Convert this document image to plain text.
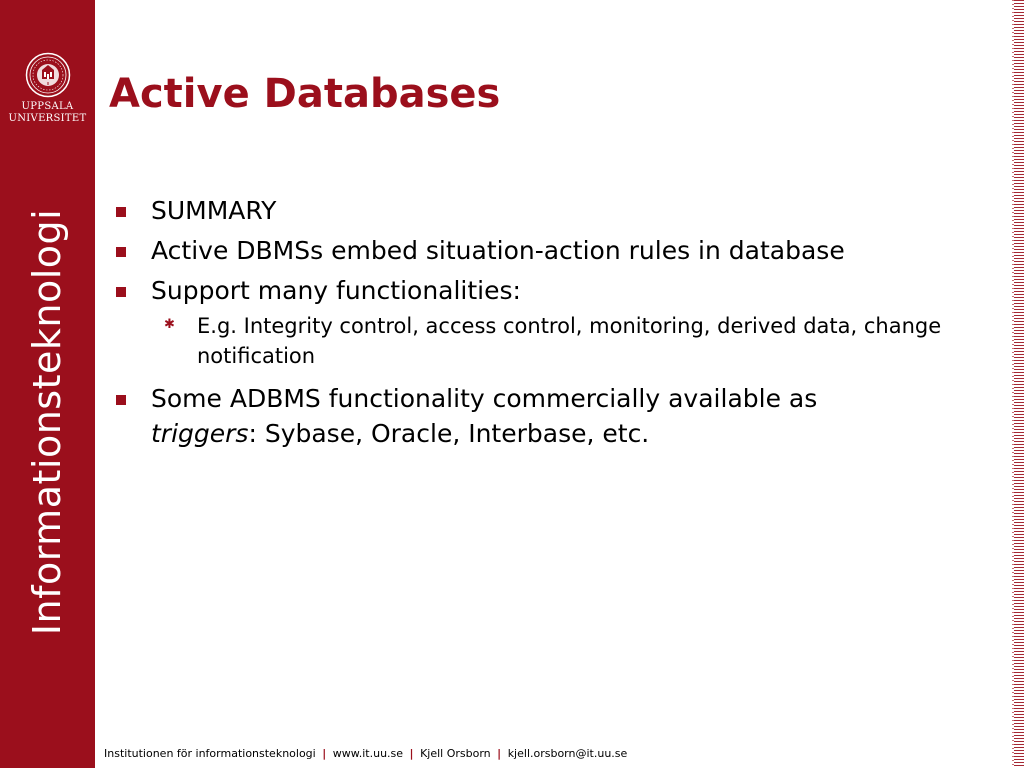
UPPSALA
UNIVERSITET
Informationsteknologi
Active Databases
SUMMARY
Active DBMSs embed situation-action rules in database
Support many functionalities:
✱	E.g. Integrity control, access control, monitoring, derived data, change notification
Some ADBMS functionality commercially available as
triggers: Sybase, Oracle, Interbase, etc.
Institutionen för informationsteknologi | www.it.uu.se | Kjell Orsborn | kjell.orsborn@it.uu.se
